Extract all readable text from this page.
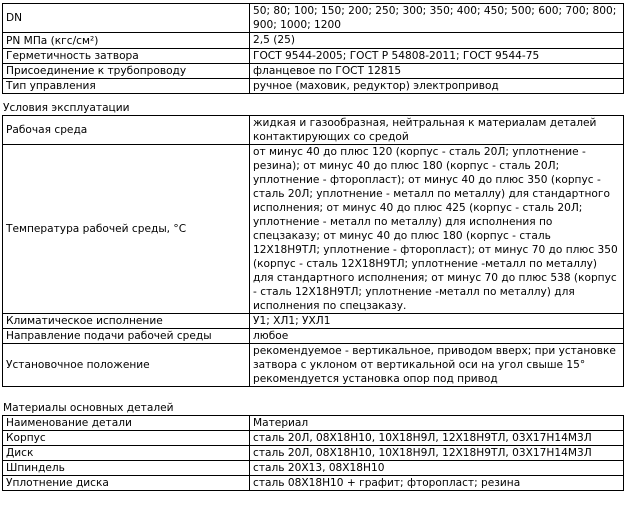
DN	50; 80; 100; 150; 200; 250; 300; 350; 400; 450; 500; 600; 700; 800; 900; 1000; 1200
PN МПа (кгс/см²)	2,5 (25)
Герметичность затвора	ГОСТ 9544-2005; ГОСТ Р 54808-2011; ГОСТ 9544-75
Присоединение к трубопроводу	фланцевое по ГОСТ 12815
Тип управления	ручное (маховик, редуктор) электропривод

Условия эксплуатации

Рабочая среда	жидкая и газообразная, нейтральная к материалам деталей контактирующих со средой
Температура рабочей среды, °С	от минус 40 до плюс 120 (корпус - сталь 20Л; уплотнение - резина); от минус 40 до плюс 180 (корпус - сталь 20Л; уплотнение - фторопласт); от минус 40 до плюс 350 (корпус - сталь 20Л; уплотнение - металл по металлу) для стандартного исполнения; от минус 40 до плюс 425 (корпус - сталь 20Л; уплотнение - металл по металлу) для исполнения по спецзаказу; от минус 40 до плюс 180 (корпус - сталь 12Х18Н9ТЛ; уплотнение - фторопласт); от минус 70 до плюс 350 (корпус - сталь 12Х18Н9ТЛ; уплотнение -металл по металлу) для стандартного исполнения; от минус 70 до плюс 538 (корпус - сталь 12Х18Н9ТЛ; уплотнение -металл по металлу) для исполнения по спецзаказу.
Климатическое исполнение	У1; ХЛ1; УХЛ1
Направление подачи рабочей среды	любое
Установочное положение	рекомендуемое - вертикальное, приводом вверх; при установке затвора с уклоном от вертикальной оси на угол свыше 15° рекомендуется установка опор под привод

Материалы основных деталей

Наименование детали	Материал
Корпус	сталь 20Л, 08Х18Н10, 10Х18Н9Л, 12Х18Н9ТЛ, 03Х17Н14М3Л
Диск	сталь 20Л, 08Х18Н10, 10Х18Н9Л, 12Х18Н9ТЛ, 03Х17Н14М3Л
Шпиндель	сталь 20Х13, 08Х18Н10
Уплотнение диска	сталь 08Х18Н10 + графит; фторопласт; резина
